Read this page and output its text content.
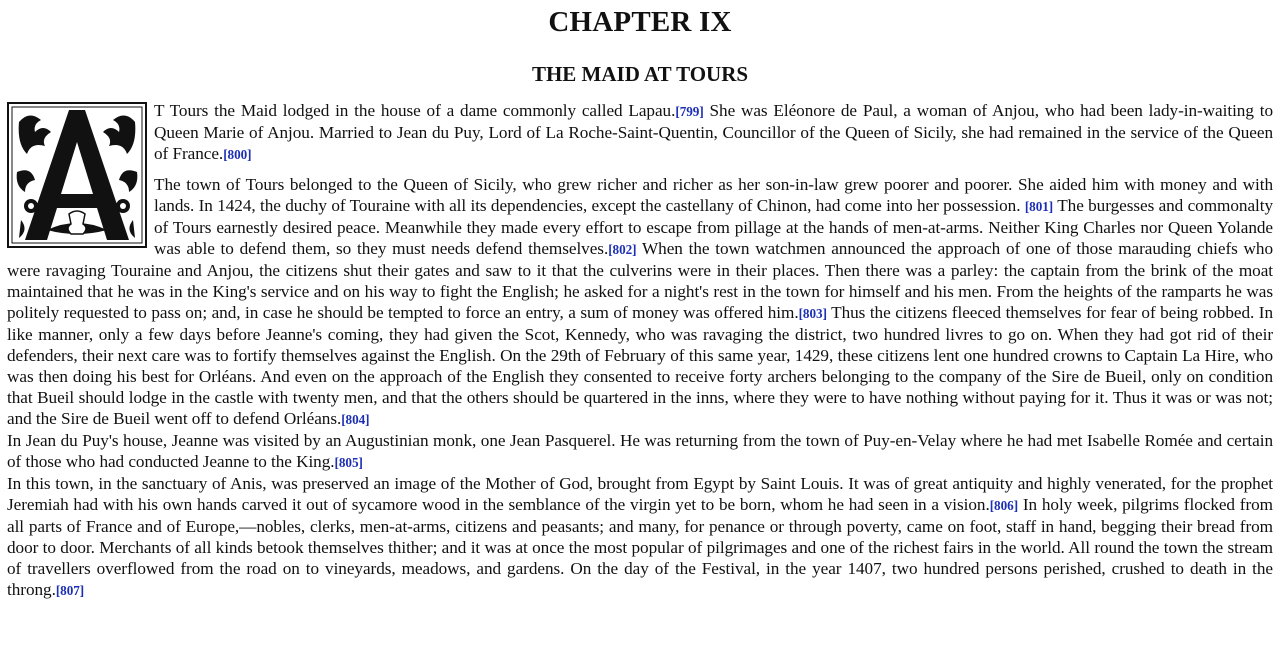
CHAPTER IX
THE MAID AT TOURS

T Tours the Maid lodged in the house of a dame commonly called Lapau.[799] She was Eléonore de Paul, a woman of Anjou, who had been lady-in-waiting to Queen Marie of Anjou. Married to Jean du Puy, Lord of La Roche-Saint-Quentin, Councillor of the Queen of Sicily, she had remained in the service of the Queen of France.[800]

The town of Tours belonged to the Queen of Sicily, who grew richer and richer as her son-in-law grew poorer and poorer. She aided him with money and with lands. In 1424, the duchy of Touraine with all its dependencies, except the castellany of Chinon, had come into her possession. [801] The burgesses and commonalty of Tours earnestly desired peace. Meanwhile they made every effort to escape from pillage at the hands of men-at-arms. Neither King Charles nor Queen Yolande was able to defend them, so they must needs defend themselves.[802] When the town watchmen announced the approach of one of those marauding chiefs who were ravaging Touraine and Anjou, the citizens shut their gates and saw to it that the culverins were in their places. Then there was a parley: the captain from the brink of the moat maintained that he was in the King's service and on his way to fight the English; he asked for a night's rest in the town for himself and his men. From the heights of the ramparts he was politely requested to pass on; and, in case he should be tempted to force an entry, a sum of money was offered him.[803] Thus the citizens fleeced themselves for fear of being robbed. In like manner, only a few days before Jeanne's coming, they had given the Scot, Kennedy, who was ravaging the district, two hundred livres to go on. When they had got rid of their defenders, their next care was to fortify themselves against the English. On the 29th of February of this same year, 1429, these citizens lent one hundred crowns to Captain La Hire, who was then doing his best for Orléans. And even on the approach of the English they consented to receive forty archers belonging to the company of the Sire de Bueil, only on condition that Bueil should lodge in the castle with twenty men, and that the others should be quartered in the inns, where they were to have nothing without paying for it. Thus it was or was not; and the Sire de Bueil went off to defend Orléans.[804]

In Jean du Puy's house, Jeanne was visited by an Augustinian monk, one Jean Pasquerel. He was returning from the town of Puy-en-Velay where he had met Isabelle Romée and certain of those who had conducted Jeanne to the King.[805]

In this town, in the sanctuary of Anis, was preserved an image of the Mother of God, brought from Egypt by Saint Louis. It was of great antiquity and highly venerated, for the prophet Jeremiah had with his own hands carved it out of sycamore wood in the semblance of the virgin yet to be born, whom he had seen in a vision.[806] In holy week, pilgrims flocked from all parts of France and of Europe,—nobles, clerks, men-at-arms, citizens and peasants; and many, for penance or through poverty, came on foot, staff in hand, begging their bread from door to door. Merchants of all kinds betook themselves thither; and it was at once the most popular of pilgrimages and one of the richest fairs in the world. All round the town the stream of travellers overflowed from the road on to vineyards, meadows, and gardens. On the day of the Festival, in the year 1407, two hundred persons perished, crushed to death in the throng.[807]
